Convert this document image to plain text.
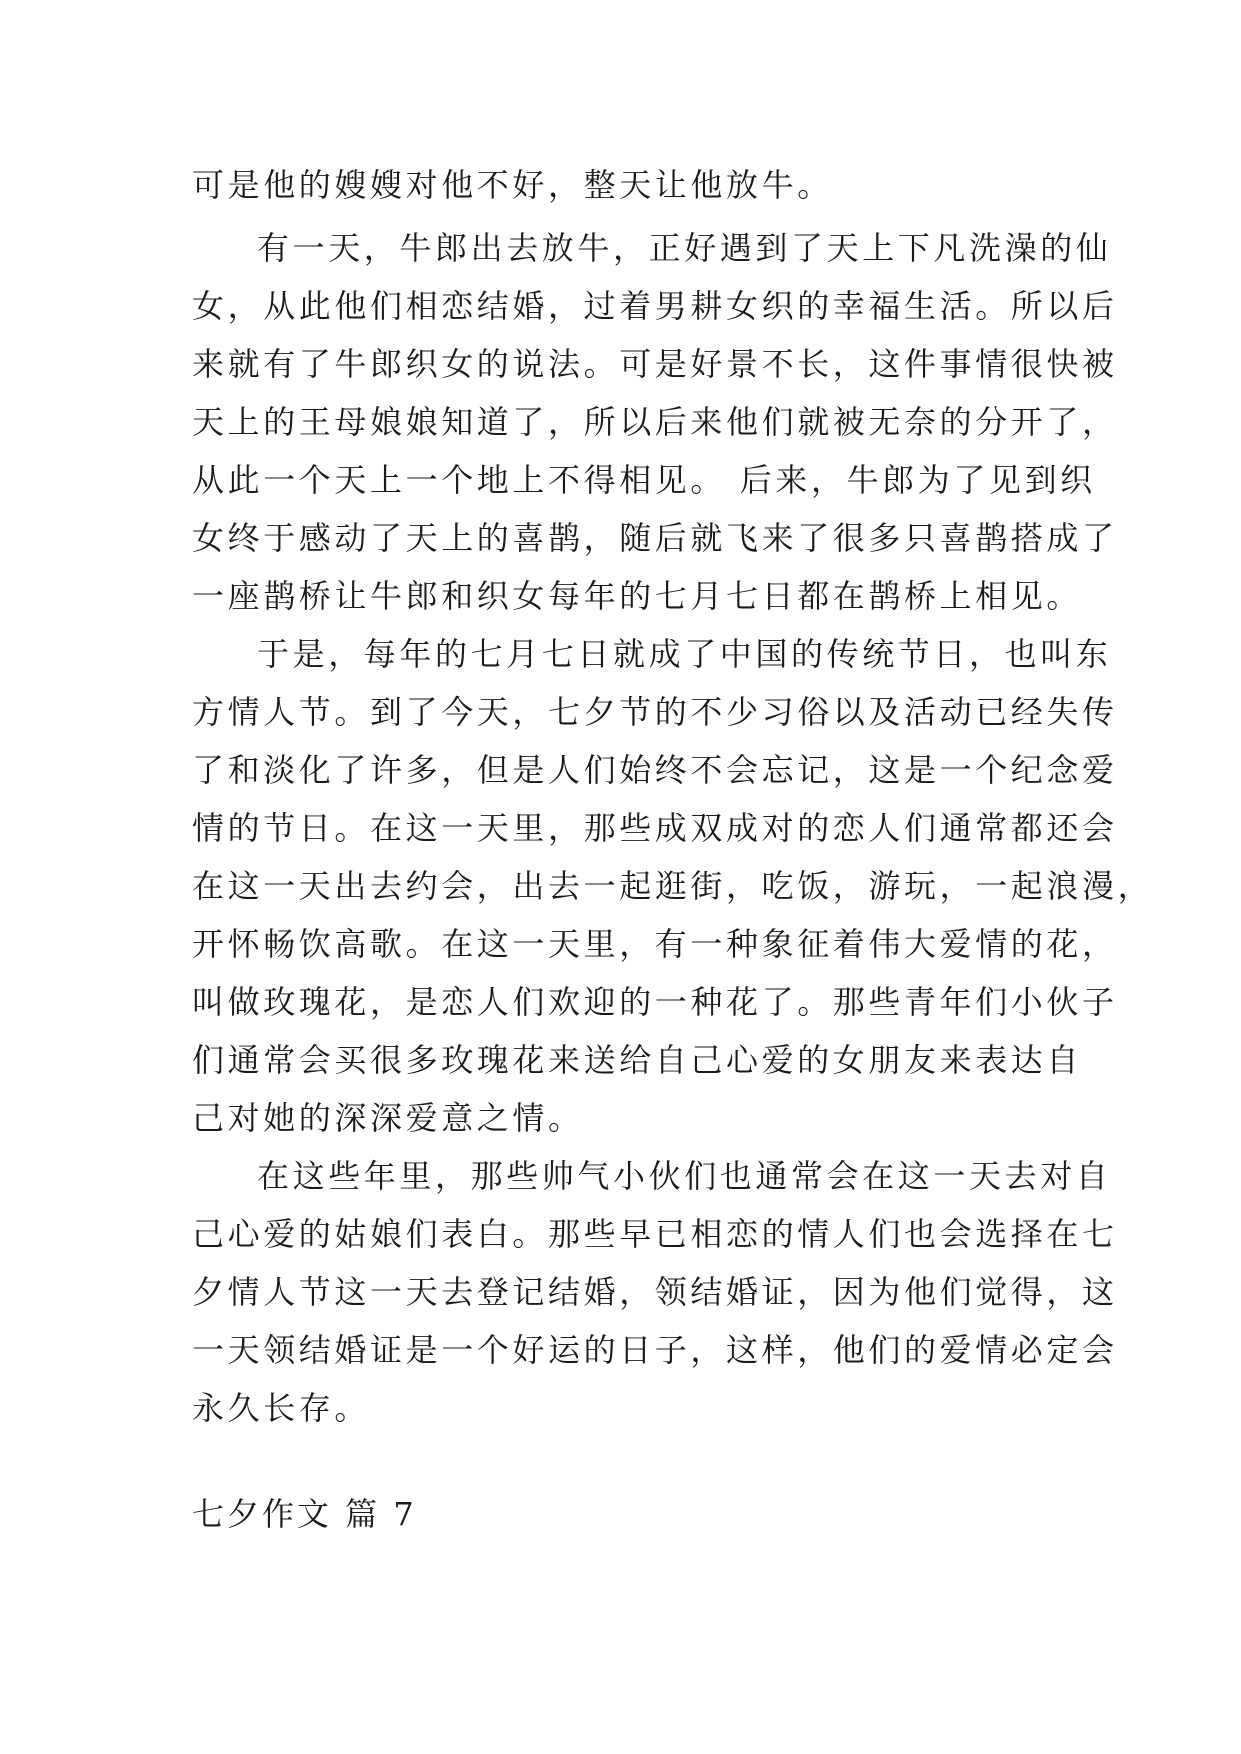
可是他的嫂嫂对他不好，整天让他放牛。
有一天，牛郎出去放牛，正好遇到了天上下凡洗澡的仙
女，从此他们相恋结婚，过着男耕女织的幸福生活。所以后
来就有了牛郎织女的说法。可是好景不长，这件事情很快被
天上的王母娘娘知道了，所以后来他们就被无奈的分开了，
从此一个天上一个地上不得相见。 后来，牛郎为了见到织
女终于感动了天上的喜鹊，随后就飞来了很多只喜鹊搭成了
一座鹊桥让牛郎和织女每年的七月七日都在鹊桥上相见。
于是，每年的七月七日就成了中国的传统节日，也叫东
方情人节。到了今天，七夕节的不少习俗以及活动已经失传
了和淡化了许多，但是人们始终不会忘记，这是一个纪念爱
情的节日。在这一天里，那些成双成对的恋人们通常都还会
在这一天出去约会，出去一起逛街，吃饭，游玩，一起浪漫，
开怀畅饮高歌。在这一天里，有一种象征着伟大爱情的花，
叫做玫瑰花，是恋人们欢迎的一种花了。那些青年们小伙子
们通常会买很多玫瑰花来送给自己心爱的女朋友来表达自
己对她的深深爱意之情。
在这些年里，那些帅气小伙们也通常会在这一天去对自
己心爱的姑娘们表白。那些早已相恋的情人们也会选择在七
夕情人节这一天去登记结婚，领结婚证，因为他们觉得，这
一天领结婚证是一个好运的日子，这样，他们的爱情必定会
永久长存。
七夕作文 篇 7
